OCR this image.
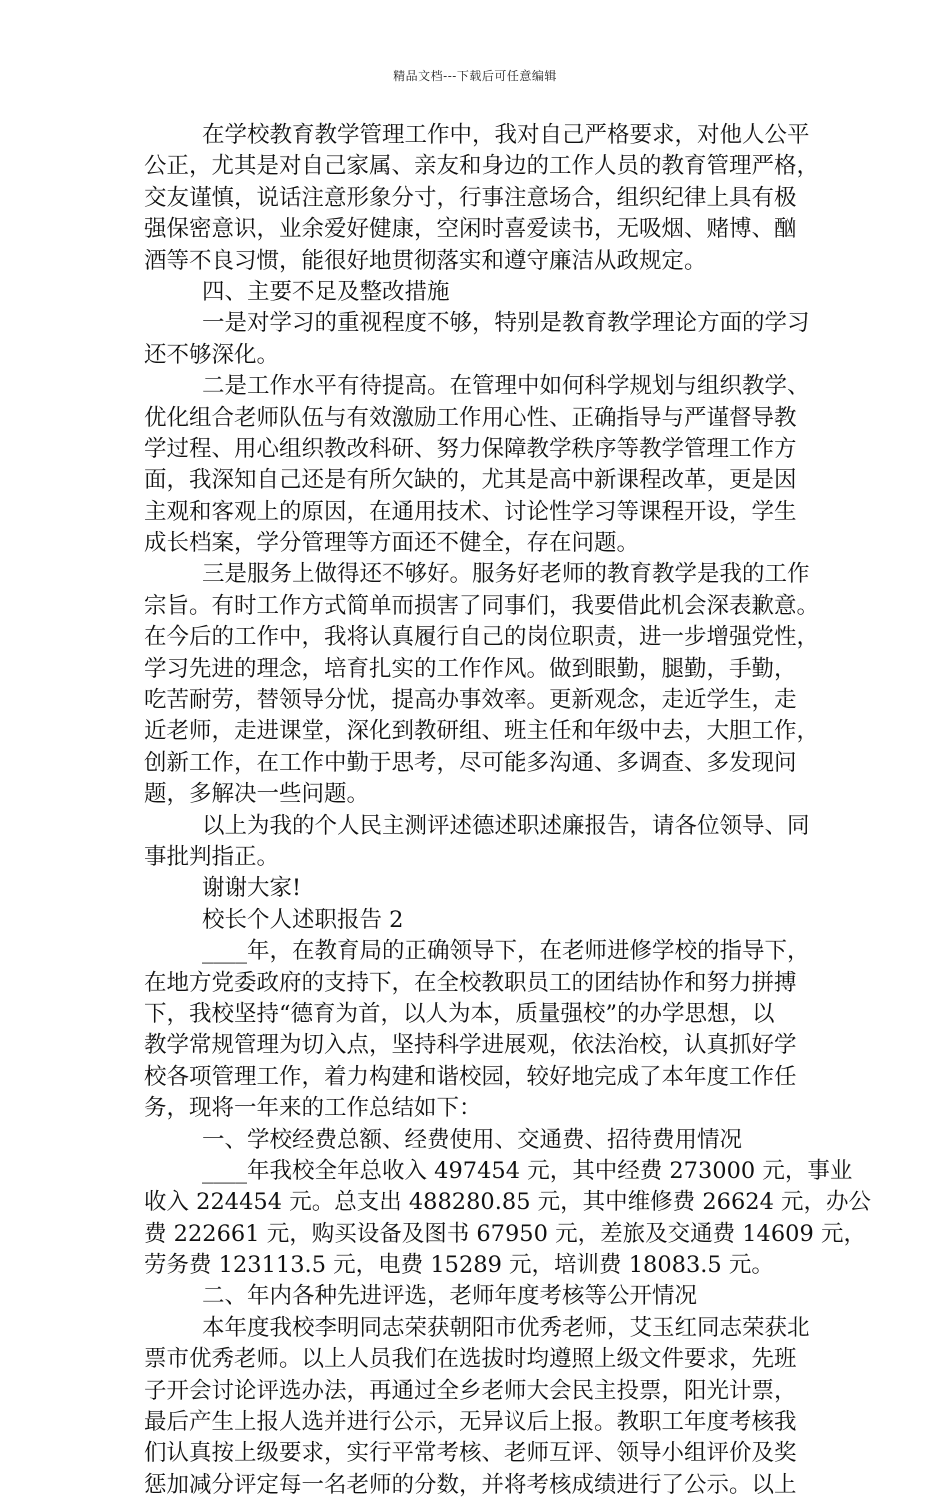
精品文档---下载后可任意编辑
在学校教育教学管理工作中，我对自己严格要求，对他人公平
公正，尤其是对自己家属、亲友和身边的工作人员的教育管理严格，
交友谨慎，说话注意形象分寸，行事注意场合，组织纪律上具有极
强保密意识，业余爱好健康，空闲时喜爱读书，无吸烟、赌博、酗
酒等不良习惯，能很好地贯彻落实和遵守廉洁从政规定。
四、主要不足及整改措施
一是对学习的重视程度不够，特别是教育教学理论方面的学习
还不够深化。
二是工作水平有待提高。在管理中如何科学规划与组织教学、
优化组合老师队伍与有效激励工作用心性、正确指导与严谨督导教
学过程、用心组织教改科研、努力保障教学秩序等教学管理工作方
面，我深知自己还是有所欠缺的，尤其是高中新课程改革，更是因
主观和客观上的原因，在通用技术、讨论性学习等课程开设，学生
成长档案，学分管理等方面还不健全，存在问题。
三是服务上做得还不够好。服务好老师的教育教学是我的工作
宗旨。有时工作方式简单而损害了同事们，我要借此机会深表歉意。
在今后的工作中，我将认真履行自己的岗位职责，进一步增强党性，
学习先进的理念，培育扎实的工作作风。做到眼勤，腿勤，手勤，
吃苦耐劳，替领导分忧，提高办事效率。更新观念，走近学生，走
近老师，走进课堂，深化到教研组、班主任和年级中去，大胆工作，
创新工作，在工作中勤于思考，尽可能多沟通、多调查、多发现问
题，多解决一些问题。
以上为我的个人民主测评述德述职述廉报告，请各位领导、同
事批判指正。
谢谢大家!
校长个人述职报告 2
____年，在教育局的正确领导下，在老师进修学校的指导下，
在地方党委政府的支持下，在全校教职员工的团结协作和努力拼搏
下，我校坚持“德育为首，以人为本，质量强校”的办学思想，以
教学常规管理为切入点，坚持科学进展观，依法治校，认真抓好学
校各项管理工作，着力构建和谐校园，较好地完成了本年度工作任
务，现将一年来的工作总结如下：
一、学校经费总额、经费使用、交通费、招待费用情况
____年我校全年总收入 497454 元，其中经费 273000 元，事业
收入 224454 元。总支出 488280.85 元，其中维修费 26624 元，办公
费 222661 元，购买设备及图书 67950 元，差旅及交通费 14609 元，
劳务费 123113.5 元，电费 15289 元，培训费 18083.5 元。
二、年内各种先进评选，老师年度考核等公开情况
本年度我校李明同志荣获朝阳市优秀老师，艾玉红同志荣获北
票市优秀老师。以上人员我们在选拔时均遵照上级文件要求，先班
子开会讨论评选办法，再通过全乡老师大会民主投票，阳光计票，
最后产生上报人选并进行公示，无异议后上报。教职工年度考核我
们认真按上级要求，实行平常考核、老师互评、领导小组评价及奖
惩加减分评定每一名老师的分数，并将考核成绩进行了公示。以上
